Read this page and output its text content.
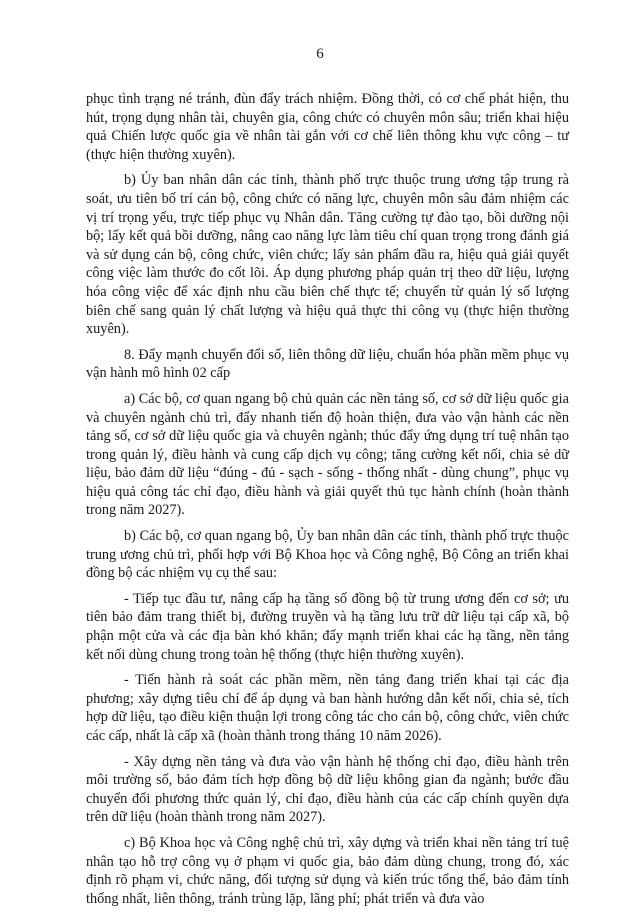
6

phục tình trạng né tránh, đùn đẩy trách nhiệm. Đồng thời, có cơ chế phát hiện, thu hút, trọng dụng nhân tài, chuyên gia, công chức có chuyên môn sâu; triển khai hiệu quả Chiến lược quốc gia về nhân tài gắn với cơ chế liên thông khu vực công – tư (thực hiện thường xuyên).

b) Ủy ban nhân dân các tỉnh, thành phố trực thuộc trung ương tập trung rà soát, ưu tiên bố trí cán bộ, công chức có năng lực, chuyên môn sâu đảm nhiệm các vị trí trọng yếu, trực tiếp phục vụ Nhân dân. Tăng cường tự đào tạo, bồi dưỡng nội bộ; lấy kết quả bồi dưỡng, nâng cao năng lực làm tiêu chí quan trọng trong đánh giá và sử dụng cán bộ, công chức, viên chức; lấy sản phẩm đầu ra, hiệu quả giải quyết công việc làm thước đo cốt lõi. Áp dụng phương pháp quản trị theo dữ liệu, lượng hóa công việc để xác định nhu cầu biên chế thực tế; chuyển từ quản lý số lượng biên chế sang quản lý chất lượng và hiệu quả thực thi công vụ (thực hiện thường xuyên).

8. Đẩy mạnh chuyển đổi số, liên thông dữ liệu, chuẩn hóa phần mềm phục vụ vận hành mô hình 02 cấp

a) Các bộ, cơ quan ngang bộ chủ quản các nền tảng số, cơ sở dữ liệu quốc gia và chuyên ngành chủ trì, đẩy nhanh tiến độ hoàn thiện, đưa vào vận hành các nền tảng số, cơ sở dữ liệu quốc gia và chuyên ngành; thúc đẩy ứng dụng trí tuệ nhân tạo trong quản lý, điều hành và cung cấp dịch vụ công; tăng cường kết nối, chia sẻ dữ liệu, bảo đảm dữ liệu “đúng - đủ - sạch - sống - thống nhất - dùng chung”, phục vụ hiệu quả công tác chỉ đạo, điều hành và giải quyết thủ tục hành chính (hoàn thành trong năm 2027).

b) Các bộ, cơ quan ngang bộ, Ủy ban nhân dân các tỉnh, thành phố trực thuộc trung ương chủ trì, phối hợp với Bộ Khoa học và Công nghệ, Bộ Công an triển khai đồng bộ các nhiệm vụ cụ thể sau:

- Tiếp tục đầu tư, nâng cấp hạ tầng số đồng bộ từ trung ương đến cơ sở; ưu tiên bảo đảm trang thiết bị, đường truyền và hạ tầng lưu trữ dữ liệu tại cấp xã, bộ phận một cửa và các địa bàn khó khăn; đẩy mạnh triển khai các hạ tầng, nền tảng kết nối dùng chung trong toàn hệ thống (thực hiện thường xuyên).

- Tiến hành rà soát các phần mềm, nền tảng đang triển khai tại các địa phương; xây dựng tiêu chí để áp dụng và ban hành hướng dẫn kết nối, chia sẻ, tích hợp dữ liệu, tạo điều kiện thuận lợi trong công tác cho cán bộ, công chức, viên chức các cấp, nhất là cấp xã (hoàn thành trong tháng 10 năm 2026).

- Xây dựng nền tảng và đưa vào vận hành hệ thống chỉ đạo, điều hành trên môi trường số, bảo đảm tích hợp đồng bộ dữ liệu không gian đa ngành; bước đầu chuyển đổi phương thức quản lý, chỉ đạo, điều hành của các cấp chính quyền dựa trên dữ liệu (hoàn thành trong năm 2027).

c) Bộ Khoa học và Công nghệ chủ trì, xây dựng và triển khai nền tảng trí tuệ nhân tạo hỗ trợ công vụ ở phạm vi quốc gia, bảo đảm dùng chung, trong đó, xác định rõ phạm vi, chức năng, đối tượng sử dụng và kiến trúc tổng thể, bảo đảm tính thống nhất, liên thông, tránh trùng lặp, lãng phí; phát triển và đưa vào
